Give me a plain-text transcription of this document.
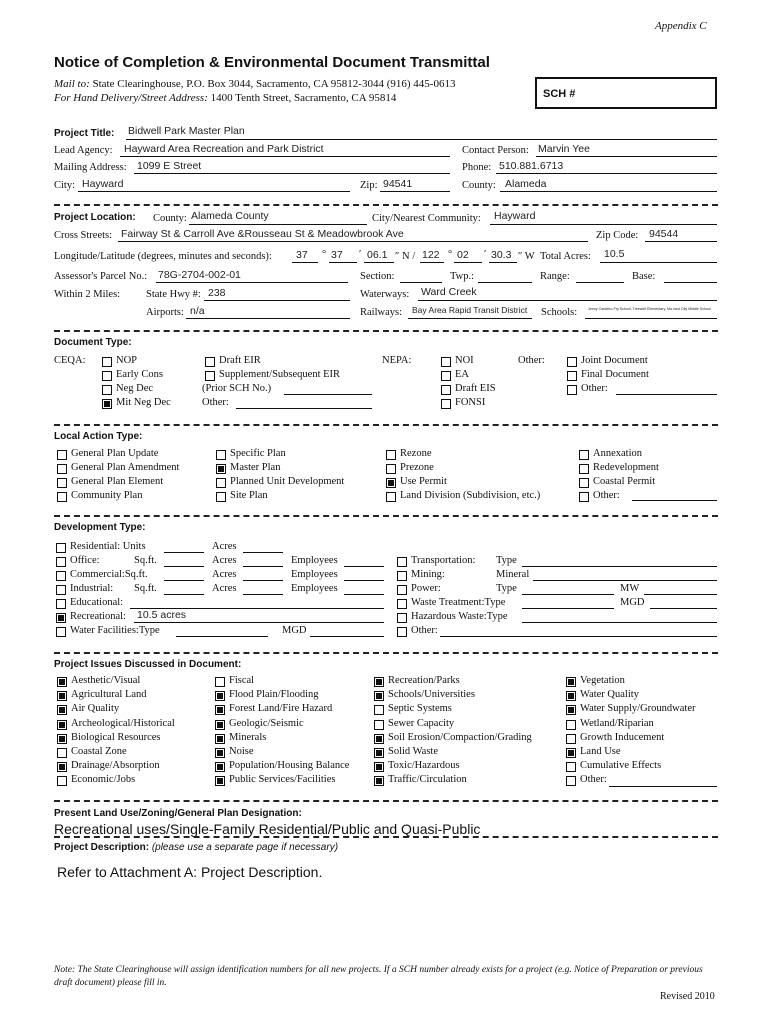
Appendix C
Notice of Completion & Environmental Document Transmittal
Mail to: State Clearinghouse, P.O. Box 3044, Sacramento, CA 95812-3044 (916) 445-0613
For Hand Delivery/Street Address: 1400 Tenth Street, Sacramento, CA 95814	SCH #
Project Title: Bidwell Park Master Plan
Lead Agency: Hayward Area Recreation and Park District	Contact Person: Marvin Yee
Mailing Address: 1099 E Street	Phone: 510.881.6713
City: Hayward	Zip: 94541	County: Alameda
Project Location: County: Alameda County	City/Nearest Community: Hayward
Cross Streets: Fairway St & Carroll Ave &Rousseau St & Meadowbrook Ave	Zip Code: 94544
Longitude/Latitude (degrees, minutes and seconds): 37 ° 37 ′ 06.1 ″ N / 122 ° 02 ′ 30.3 ″ W Total Acres: 10.5
Assessor's Parcel No.: 78G-2704-002-01	Section:	Twp.:	Range:	Base:
Within 2 Miles: State Hwy #: 238	Waterways: Ward Creek
Airports: n/a	Railways: Bay Area Rapid Transit District Schools:	Jenny Cardeiro-Fry School, Treewell Elementary, Ma rsed City Middle School
Document Type:
CEQA:	NOP
Early Cons
Neg Dec
Mit Neg Dec
Draft EIR
Supplement/Subsequent EIR
(Prior SCH No.)
Other:
NEPA:	NOI
EA
Draft EIS
FONSI
Other:	Joint Document
Final Document
Other:
Local Action Type:
General Plan Update
General Plan Amendment
General Plan Element
Community Plan
Specific Plan
Master Plan
Planned Unit Development
Site Plan
Rezone
Prezone
Use Permit
Land Division (Subdivision, etc.)
Annexation
Redevelopment
Coastal Permit
Other:
Development Type:
Residential: Units	Acres
Office:	Sq.ft.	Acres	Employees
Commercial:Sq.ft.	Acres	Employees
Industrial: Sq.ft.	Acres	Employees
Educational:
Recreational: 10.5 acres
Water Facilities:Type	MGD
Transportation: Type
Mining:	Mineral
Power:	Type	MW
Waste Treatment:Type	MGD
Hazardous Waste:Type
Other:
Project Issues Discussed in Document:
Aesthetic/Visual
Agricultural Land
Air Quality
Archeological/Historical
Biological Resources
Coastal Zone
Drainage/Absorption
Economic/Jobs
Fiscal
Flood Plain/Flooding
Forest Land/Fire Hazard
Geologic/Seismic
Minerals
Noise
Population/Housing Balance
Public Services/Facilities
Recreation/Parks
Schools/Universities
Septic Systems
Sewer Capacity
Soil Erosion/Compaction/Grading
Solid Waste
Toxic/Hazardous
Traffic/Circulation
Vegetation
Water Quality
Water Supply/Groundwater
Wetland/Riparian
Growth Inducement
Land Use
Cumulative Effects
Other:
Present Land Use/Zoning/General Plan Designation:
Recreational uses/Single-Family Residential/Public and Quasi-Public
Project Description: (please use a separate page if necessary)
Refer to Attachment A: Project Description.
Note: The State Clearinghouse will assign identification numbers for all new projects. If a SCH number already exists for a project (e.g. Notice of Preparation or previous draft document) please fill in.
Revised 2010
